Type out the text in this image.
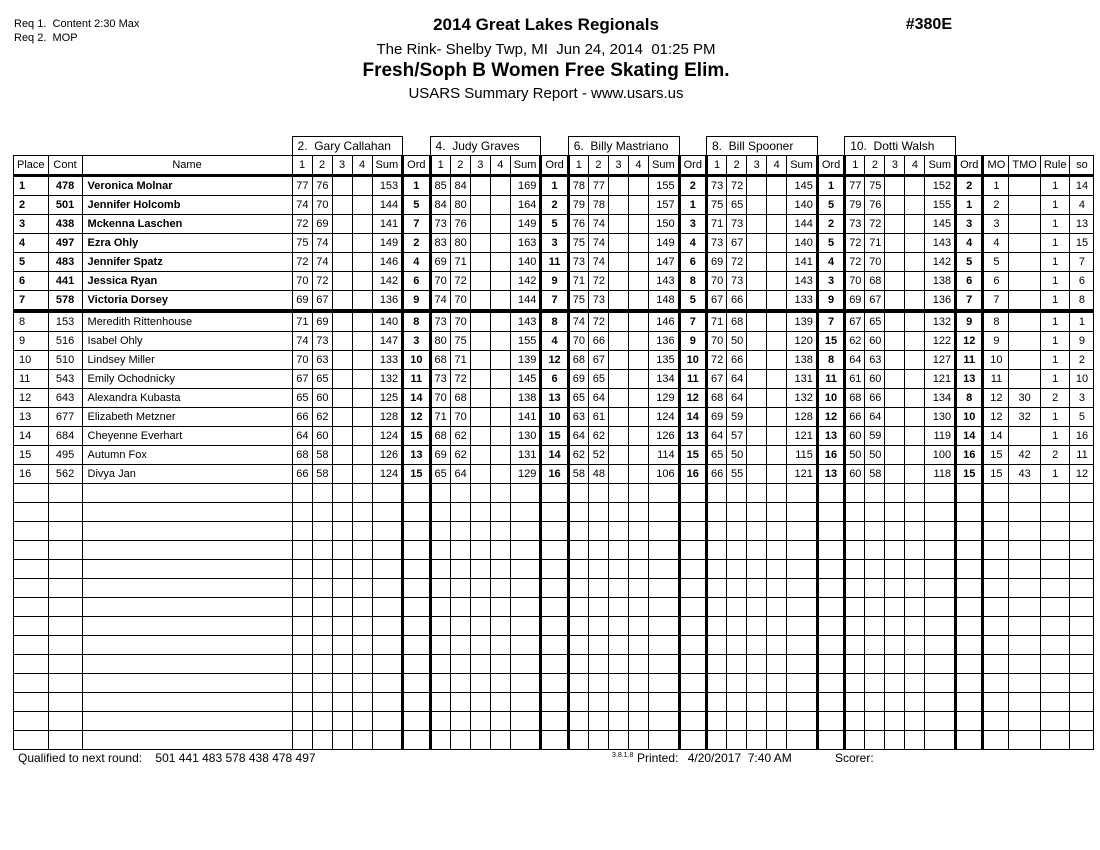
Req 1.  Content 2:30 Max
Req 2.  MOP
2014 Great Lakes Regionals
The Rink- Shelby Twp, MI  Jun 24, 2014  01:25 PM
Fresh/Soph B Women Free Skating Elim.
USARS Summary Report - www.usars.us
#380E
			2.  Gary Callahan						4.  Judy Graves						6.  Billy Mastriano						8.  Bill Spooner						10.  Dotti Walsh									
Place	Cont	Name	1	2	3	4	Sum	Ord	1	2	3	4	Sum	Ord	1	2	3	4	Sum	Ord	1	2	3	4	Sum	Ord	1	2	3	4	Sum	Ord	MO	TMO	Rule	so
1	478	Veronica Molnar	77	76			153	1	85	84			169	1	78	77			155	2	73	72			145	1	77	75			152	2	1		1	14
2	501	Jennifer Holcomb	74	70			144	5	84	80			164	2	79	78			157	1	75	65			140	5	79	76			155	1	2		1	4
3	438	Mckenna Laschen	72	69			141	7	73	76			149	5	76	74			150	3	71	73			144	2	73	72			145	3	3		1	13
4	497	Ezra Ohly	75	74			149	2	83	80			163	3	75	74			149	4	73	67			140	5	72	71			143	4	4		1	15
5	483	Jennifer Spatz	72	74			146	4	69	71			140	11	73	74			147	6	69	72			141	4	72	70			142	5	5		1	7
6	441	Jessica Ryan	70	72			142	6	70	72			142	9	71	72			143	8	70	73			143	3	70	68			138	6	6		1	6
7	578	Victoria Dorsey	69	67			136	9	74	70			144	7	75	73			148	5	67	66			133	9	69	67			136	7	7		1	8
8	153	Meredith Rittenhouse	71	69			140	8	73	70			143	8	74	72			146	7	71	68			139	7	67	65			132	9	8		1	1
9	516	Isabel Ohly	74	73			147	3	80	75			155	4	70	66			136	9	70	50			120	15	62	60			122	12	9		1	9
10	510	Lindsey Miller	70	63			133	10	68	71			139	12	68	67			135	10	72	66			138	8	64	63			127	11	10		1	2
11	543	Emily Ochodnicky	67	65			132	11	73	72			145	6	69	65			134	11	67	64			131	11	61	60			121	13	11		1	10
12	643	Alexandra Kubasta	65	60			125	14	70	68			138	13	65	64			129	12	68	64			132	10	68	66			134	8	12	30	2	3
13	677	Elizabeth Metzner	66	62			128	12	71	70			141	10	63	61			124	14	69	59			128	12	66	64			130	10	12	32	1	5
14	684	Cheyenne Everhart	64	60			124	15	68	62			130	15	64	62			126	13	64	57			121	13	60	59			119	14	14		1	16
15	495	Autumn Fox	68	58			126	13	69	62			131	14	62	52			114	15	65	50			115	16	50	50			100	16	15	42	2	11
16	562	Divya Jan	66	58			124	15	65	64			129	16	58	48			106	16	66	55			121	13	60	58			118	15	15	43	1	12

Qualified to next round: 501 441 483 578 438 478 497	3.8.1.8 Printed: 4/20/2017  7:40 AM	Scorer:
